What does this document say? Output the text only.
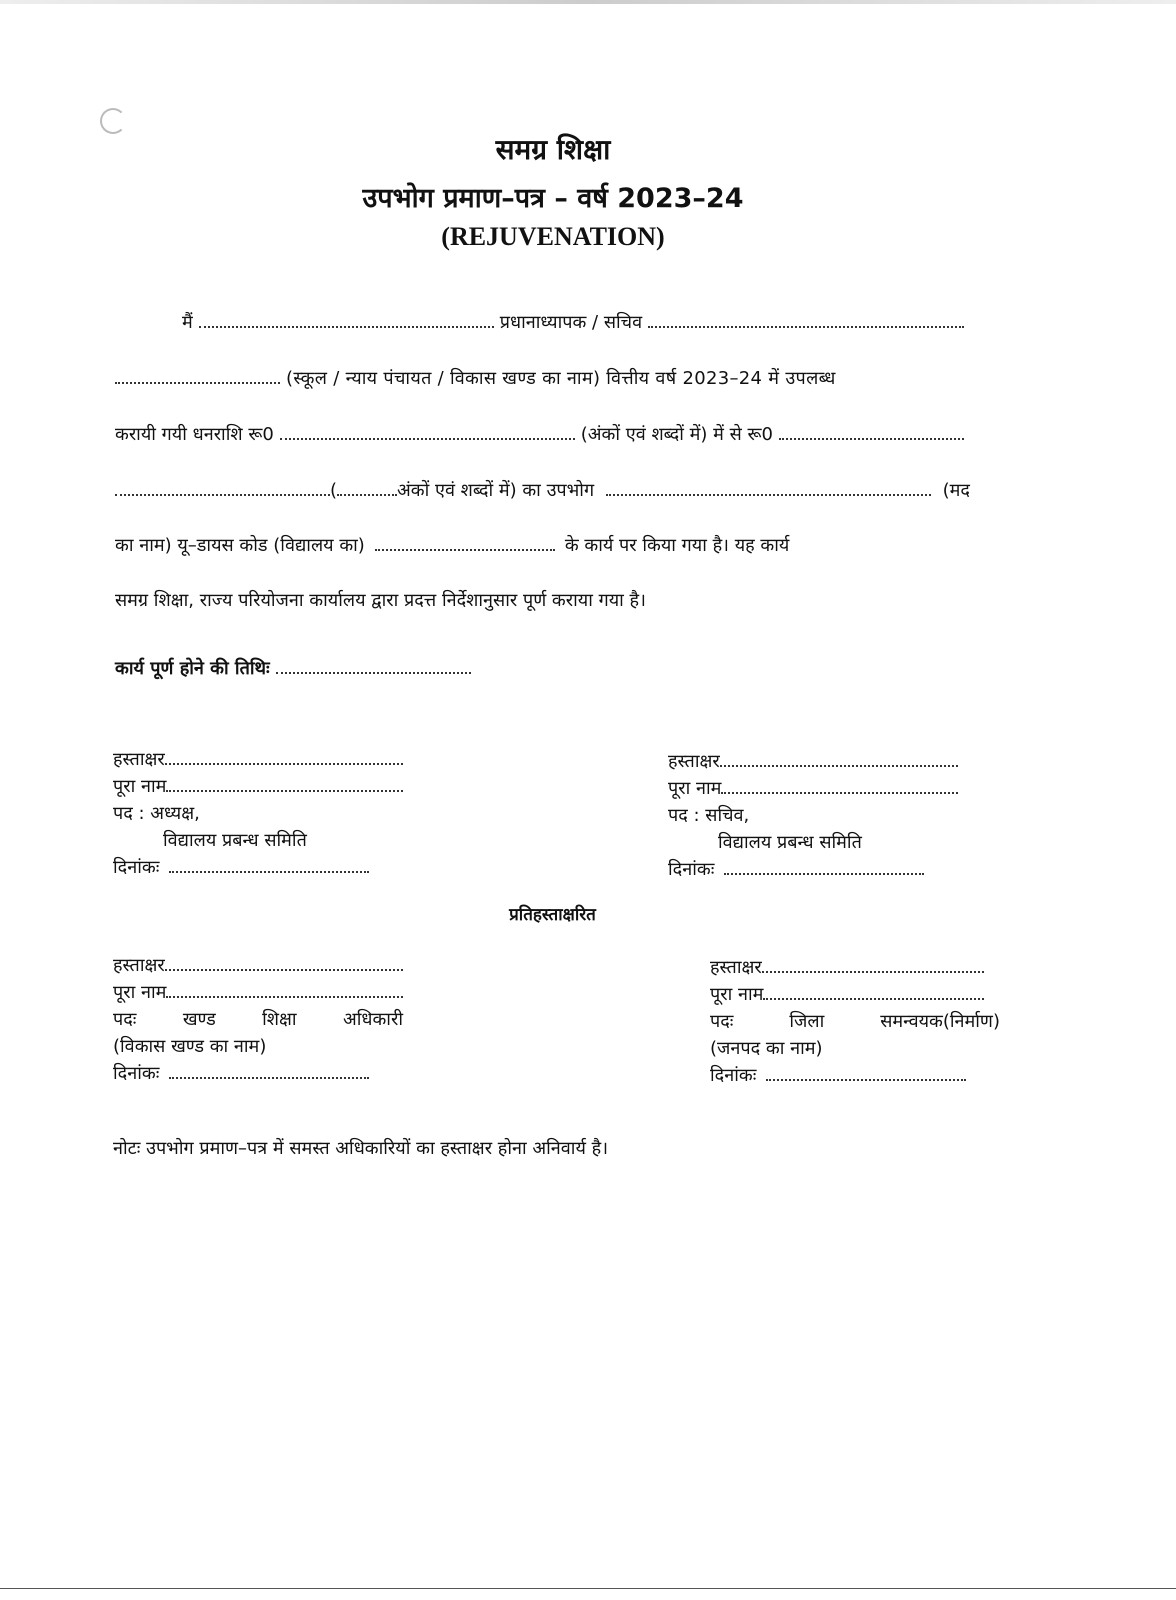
समग्र शिक्षा
उपभोग प्रमाण–पत्र – वर्ष 2023–24
(REJUVENATION)
मैं	प्रधानाध्यापक / सचिव
(स्कूल / न्याय पंचायत / विकास खण्ड का नाम) वित्तीय वर्ष 2023–24 में उपलब्ध
करायी गयी धनराशि रू0	(अंकों एवं शब्दों में) में से रू0
(	अंकों एवं शब्दों में) का उपभोग	(मद
का नाम) यू–डायस कोड (विद्यालय का)	के कार्य पर किया गया है। यह कार्य
समग्र शिक्षा, राज्य परियोजना कार्यालय द्वारा प्रदत्त निर्देशानुसार पूर्ण कराया गया है।
कार्य पूर्ण होने की तिथिः
हस्ताक्षर
पूरा नाम
पद : अध्यक्ष,
विद्यालय प्रबन्ध समिति
दिनांकः
हस्ताक्षर
पूरा नाम
पद : सचिव,
विद्यालय प्रबन्ध समिति
दिनांकः
प्रतिहस्ताक्षरित
हस्ताक्षर
पूरा नाम
पदः	खण्ड	शिक्षा	अधिकारी
(विकास खण्ड का नाम)
दिनांकः
हस्ताक्षर
पूरा नाम
पदः	जिला	समन्वयक(निर्माण)
(जनपद का नाम)
दिनांकः
नोटः उपभोग प्रमाण–पत्र में समस्त अधिकारियों का हस्ताक्षर होना अनिवार्य है।
